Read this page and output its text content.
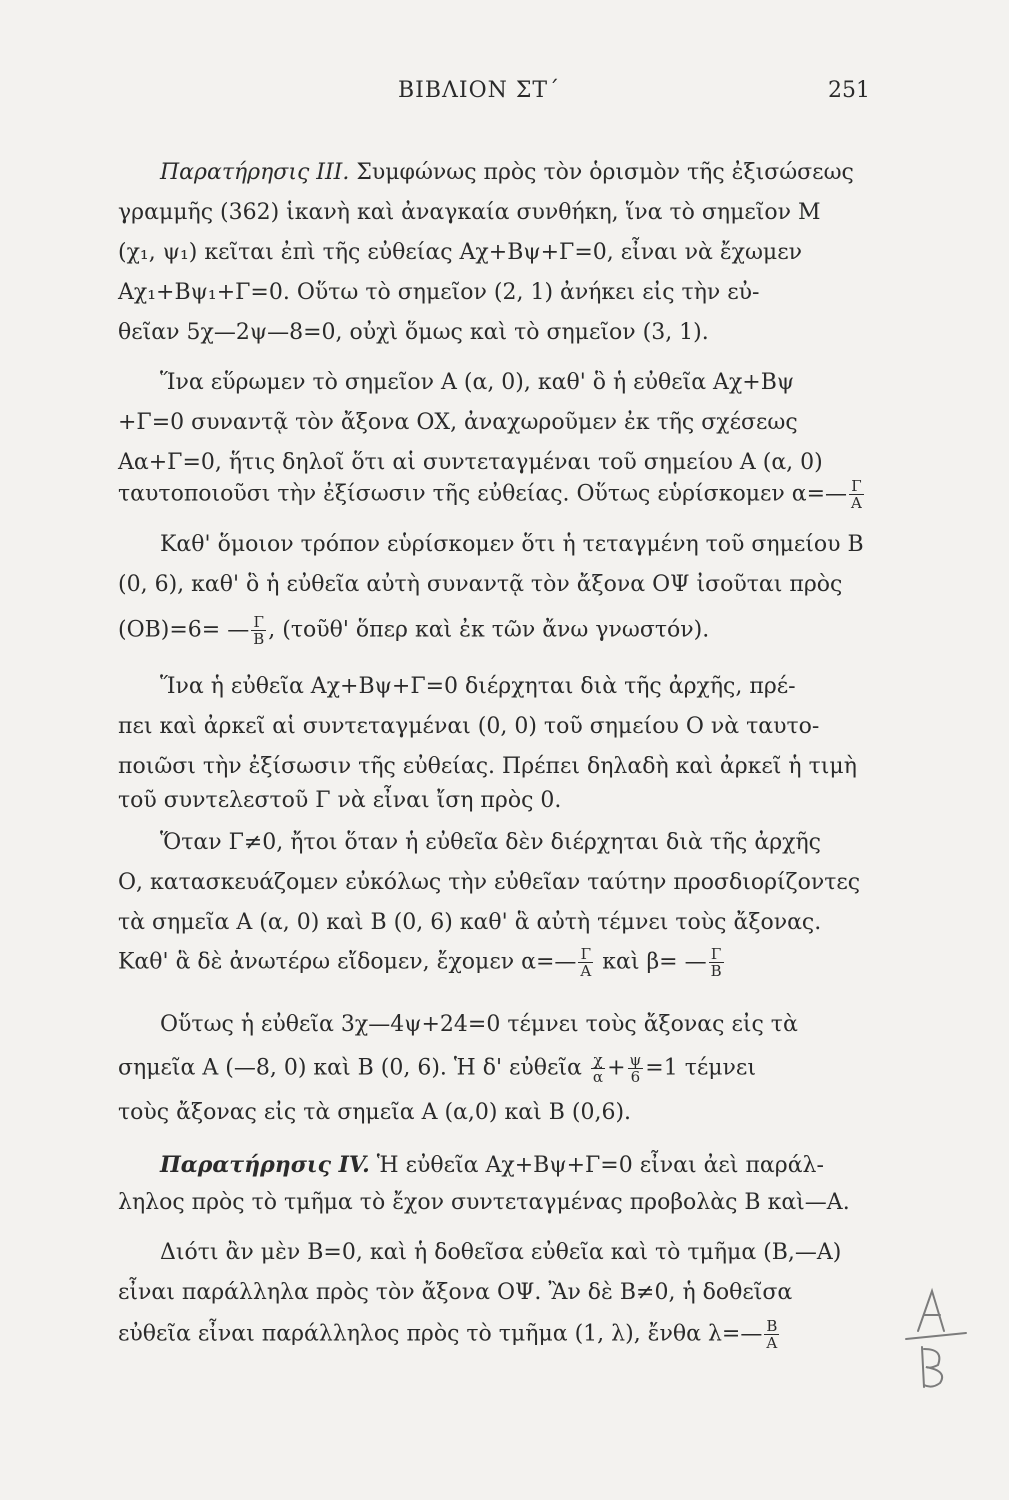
ΒΙΒΛΙΟΝ ΣΤ΄	251
Παρατήρησις III. Συμφώνως πρὸς τὸν ὁρισμὸν τῆς ἐξισώσεως
γραμμῆς (362) ἱκανὴ καὶ ἀναγκαία συνθήκη, ἵνα τὸ σημεῖον Μ
(χ₁, ψ₁) κεῖται ἐπὶ τῆς εὐθείας Αχ+Βψ+Γ=0, εἶναι νὰ ἔχωμεν
Αχ₁+Βψ₁+Γ=0. Οὕτω τὸ σημεῖον (2, 1) ἀνήκει εἰς τὴν εὐ-
θεῖαν 5χ—2ψ—8=0, οὐχὶ ὅμως καὶ τὸ σημεῖον (3, 1).
Ἵνα εὕρωμεν τὸ σημεῖον Α (α, 0), καθ' ὃ ἡ εὐθεῖα Αχ+Βψ
+Γ=0 συναντᾷ τὸν ἄξονα ΟΧ, ἀναχωροῦμεν ἐκ τῆς σχέσεως
Αα+Γ=0, ἥτις δηλοῖ ὅτι αἱ συντεταγμέναι τοῦ σημείου Α (α, 0)
ταυτοποιοῦσι τὴν ἐξίσωσιν τῆς εὐθείας. Οὕτως εὑρίσκομεν α=— $\frac{\Gamma}{A}$
Καθ' ὅμοιον τρόπον εὑρίσκομεν ὅτι ἡ τεταγμένη τοῦ σημείου Β
(0, 6), καθ' ὃ ἡ εὐθεῖα αὐτὴ συναντᾷ τὸν ἄξονα ΟΨ ἰσοῦται πρὸς
(ΟΒ)=6= — $\frac{\Gamma}{B}$ , (τοῦθ' ὅπερ καὶ ἐκ τῶν ἄνω γνωστόν).
Ἵνα ἡ εὐθεῖα Αχ+Βψ+Γ=0 διέρχηται διὰ τῆς ἀρχῆς, πρέ-
πει καὶ ἀρκεῖ αἱ συντεταγμέναι (0, 0) τοῦ σημείου Ο νὰ ταυτο-
ποιῶσι τὴν ἐξίσωσιν τῆς εὐθείας. Πρέπει δηλαδὴ καὶ ἀρκεῖ ἡ τιμὴ
τοῦ συντελεστοῦ Γ νὰ εἶναι ἴση πρὸς 0.
Ὅταν Γ≠0, ἤτοι ὅταν ἡ εὐθεῖα δὲν διέρχηται διὰ τῆς ἀρχῆς
Ο, κατασκευάζομεν εὐκόλως τὴν εὐθεῖαν ταύτην προσδιορίζοντες
τὰ σημεῖα Α (α, 0) καὶ Β (0, 6) καθ' ἃ αὐτὴ τέμνει τοὺς ἄξονας.
Καθ' ἃ δὲ ἀνωτέρω εἴδομεν, ἔχομεν α=— $\frac{\Gamma}{A}$ καὶ β= — $\frac{\Gamma}{B}$
Οὕτως ἡ εὐθεῖα 3χ—4ψ+24=0 τέμνει τοὺς ἄξονας εἰς τὰ
σημεῖα Α (—8, 0) καὶ Β (0, 6). Ἡ δ' εὐθεῖα $\frac{\chi}{\alpha} + \frac{\psi}{6} =1$ τέμνει
τοὺς ἄξονας εἰς τὰ σημεῖα Α (α,0) καὶ Β (0,6).
Παρατήρησις IV. Ἡ εὐθεῖα Αχ+Βψ+Γ=0 εἶναι ἀεὶ παράλ-
ληλος πρὸς τὸ τμῆμα τὸ ἔχον συντεταγμένας προβολὰς Β καὶ—Α.
Διότι ἂν μὲν Β=0, καὶ ἡ δοθεῖσα εὐθεῖα καὶ τὸ τμῆμα (Β,—Α)
εἶναι παράλληλα πρὸς τὸν ἄξονα ΟΨ. Ἂν δὲ Β≠0, ἡ δοθεῖσα
εὐθεῖα εἶναι παράλληλος πρὸς τὸ τμῆμα (1, λ), ἔνθα λ=— $\frac{B}{A}$
